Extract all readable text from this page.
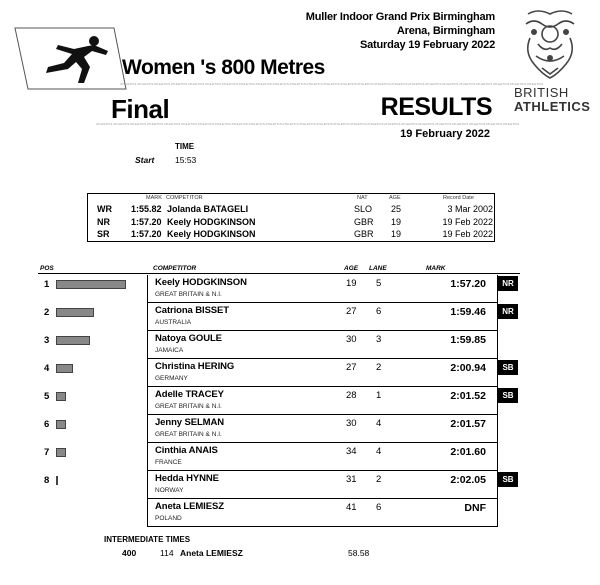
Muller Indoor Grand Prix Birmingham
Arena, Birmingham
Saturday 19 February 2022
Women 's 800 Metres
ATHLETICS ATHLETICS ATHLETICS ATHLETICS ATHLETICS ATHLETICS ATHLETICS ATHLETICS ATHLETICS ATHLETICS ATHLETICS ATHLETICS ATHLETICS ATHLETICS ATHLETICS ATHLETICS ATHLETICS ATHLETICS ATHLETICS ATHLETICS ATHLETICS ATHLETICS ATHLETICS ATHLETICS ATHLETICS
Final	RESULTS
ATHLETICS ATHLETICS ATHLETICS ATHLETICS ATHLETICS ATHLETICS ATHLETICS ATHLETICS ATHLETICS ATHLETICS ATHLETICS ATHLETICS ATHLETICS ATHLETICS ATHLETICS ATHLETICS ATHLETICS ATHLETICS ATHLETICS ATHLETICS ATHLETICS ATHLETICS ATHLETICS ATHLETICS ATHLETICS
19 February 2022
BRITISH
ATHLETICS
TIME
Start 15:53
MARK COMPETITOR	NAT	AGE	Record Date
WR 1:55.82 Jolanda BATAGELI	SLO 25	3 Mar 2002
NR 1:57.20 Keely HODGKINSON	GBR 19	19 Feb 2022
SR 1:57.20 Keely HODGKINSON	GBR 19	19 Feb 2022
POS	COMPETITOR	AGE LANE	MARK
1	Keely HODGKINSON
GREAT BRITAIN & N.I.
19 5	1:57.20	NR
2	Catriona BISSET
AUSTRALIA
27 6	1:59.46	NR
3	Natoya GOULE
JAMAICA
30 3	1:59.85
4	Christina HERING
GERMANY
27 2	2:00.94	SB
5	Adelle TRACEY
GREAT BRITAIN & N.I.
28 1	2:01.52	SB
6	Jenny SELMAN
GREAT BRITAIN & N.I.
30 4	2:01.57
7	Cinthia ANAIS
FRANCE
34 4	2:01.60
8	Hedda HYNNE
NORWAY
31 2	2:02.05	SB
Aneta LEMIESZ
POLAND
41 6	DNF
INTERMEDIATE TIMES
400	114 Aneta LEMIESZ	58.58
